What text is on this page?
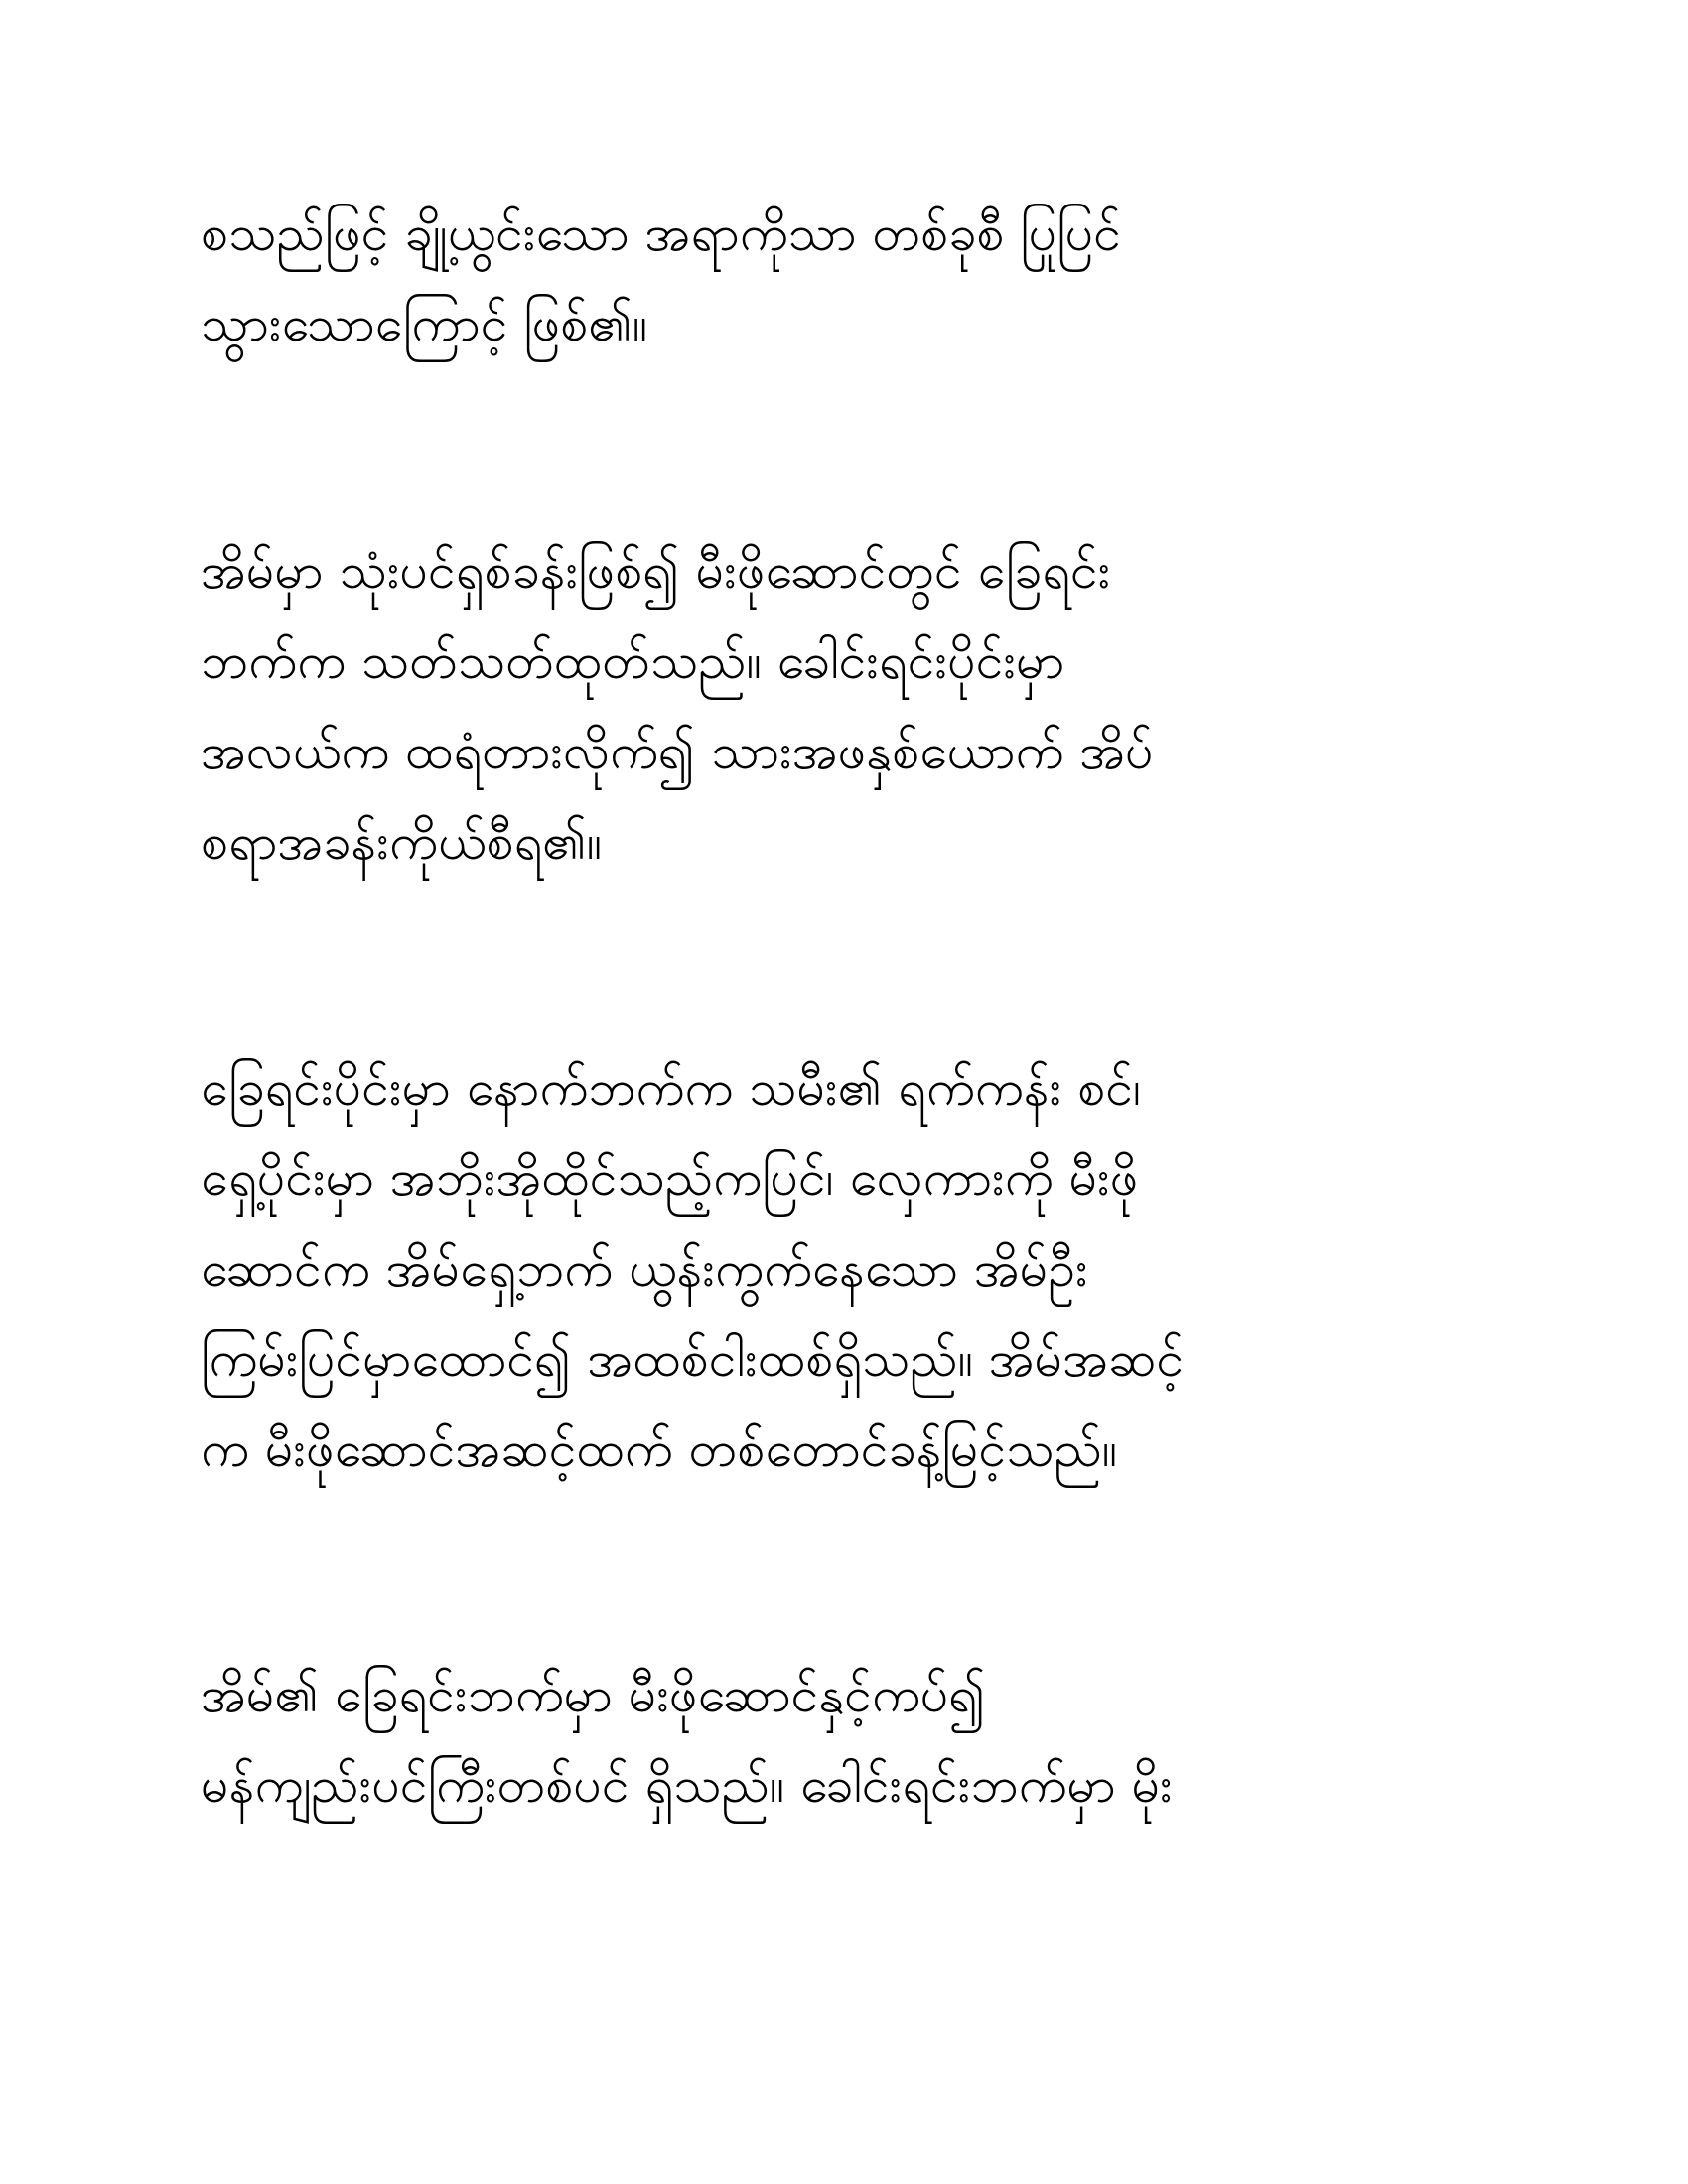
စသည်ဖြင့် ချို့ယွင်းသော အရာကိုသာ တစ်ခုစီ ပြုပြင်
သွားသောကြောင့် ဖြစ်၏။
အိမ်မှာ သုံးပင်ရှစ်ခန်းဖြစ်၍ မီးဖိုဆောင်တွင် ခြေရင်း
ဘက်က သတ်သတ်ထုတ်သည်။ ခေါင်းရင်းပိုင်းမှာ
အလယ်က ထရံတားလိုက်၍ သားအဖနှစ်ယောက် အိပ်
စရာအခန်းကိုယ်စီရ၏။
ခြေရင်းပိုင်းမှာ နောက်ဘက်က သမီး၏ ရက်ကန်း စင်၊
ရှေ့ပိုင်းမှာ အဘိုးအိုထိုင်သည့်ကပြင်၊ လှေကားကို မီးဖို
ဆောင်က အိမ်ရှေ့ဘက် ယွန်းကွက်နေသော အိမ်ဦး
ကြမ်းပြင်မှာထောင်၍ အထစ်ငါးထစ်ရှိသည်။ အိမ်အဆင့်
က မီးဖိုဆောင်အဆင့်ထက် တစ်တောင်ခန့်မြင့်သည်။
အိမ်၏ ခြေရင်းဘက်မှာ မီးဖိုဆောင်နှင့်ကပ်၍
မန်ကျည်းပင်ကြီးတစ်ပင် ရှိသည်။ ခေါင်းရင်းဘက်မှာ မိုး
